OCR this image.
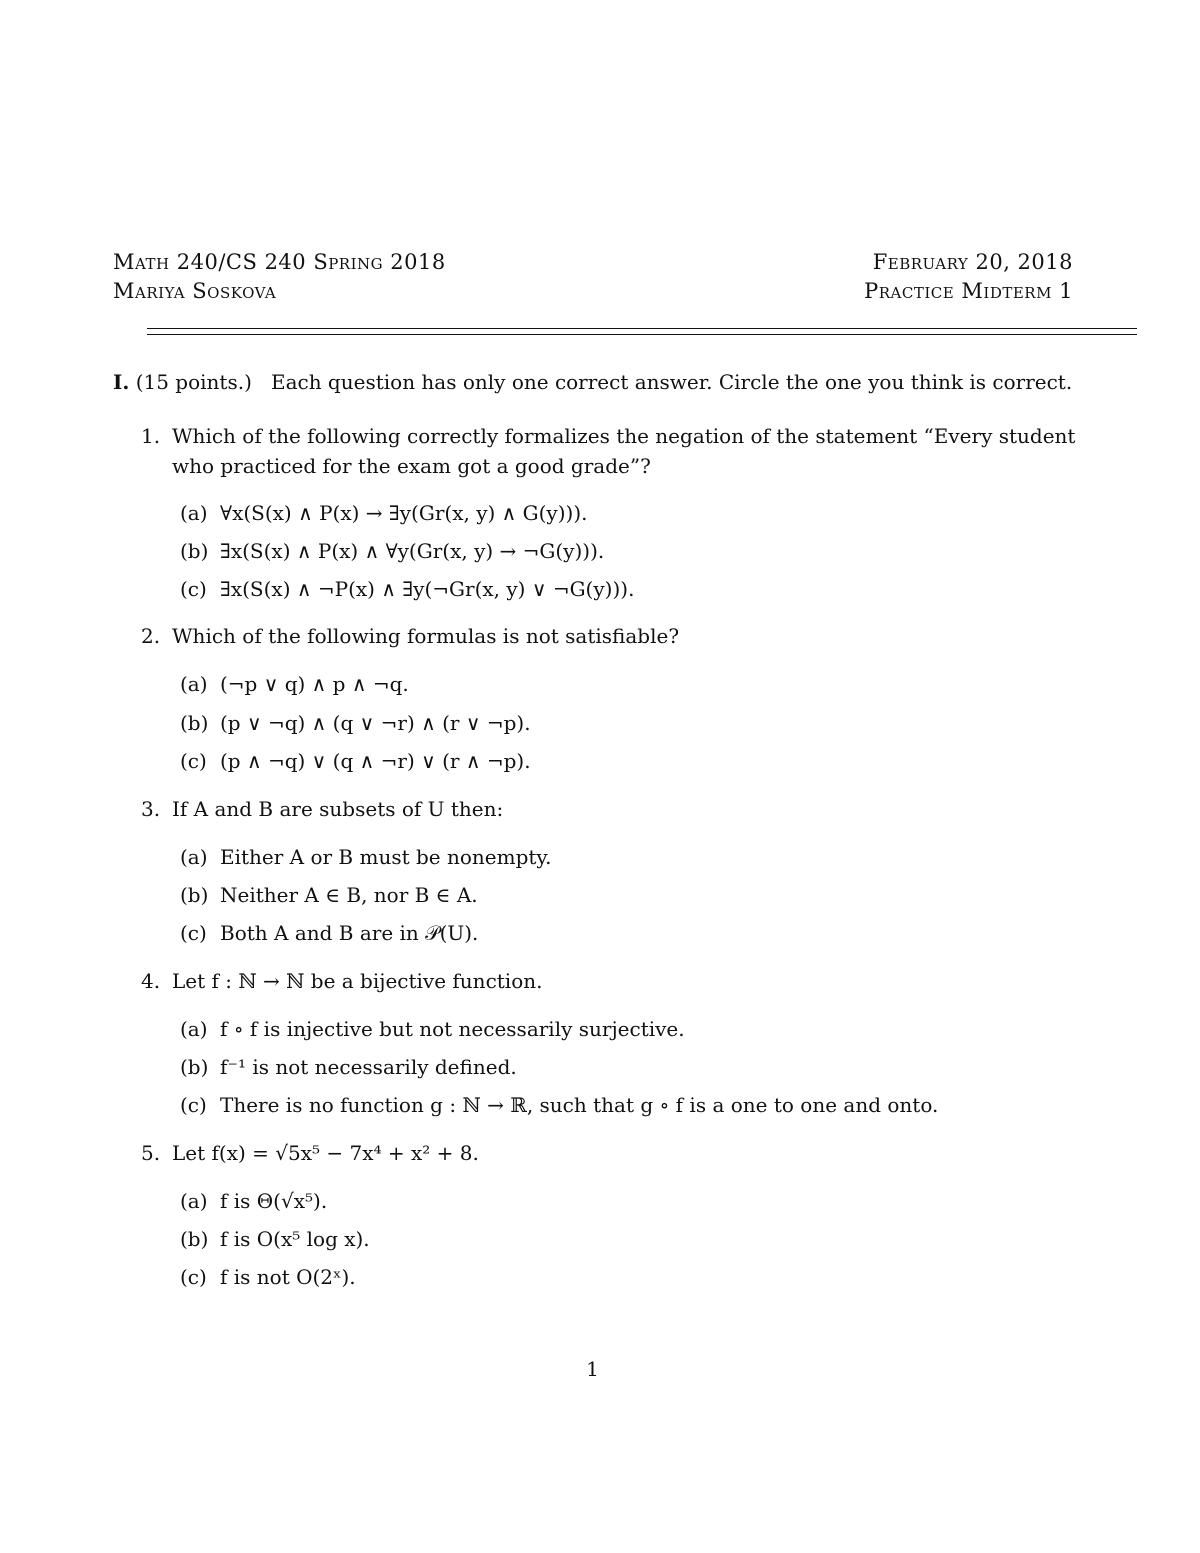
Math 240/CS 240 Spring 2018
Mariya Soskova
February 20, 2018
Practice Midterm 1
I. (15 points.) Each question has only one correct answer. Circle the one you think is correct.
1. Which of the following correctly formalizes the negation of the statement “Every student
who practiced for the exam got a good grade”?
(a) ∀x(S(x) ∧ P(x) → ∃y(Gr(x, y) ∧ G(y))).
(b) ∃x(S(x) ∧ P(x) ∧ ∀y(Gr(x, y) → ¬G(y))).
(c) ∃x(S(x) ∧ ¬P(x) ∧ ∃y(¬Gr(x, y) ∨ ¬G(y))).
2. Which of the following formulas is not satisfiable?
(a) (¬p ∨ q) ∧ p ∧ ¬q.
(b) (p ∨ ¬q) ∧ (q ∨ ¬r) ∧ (r ∨ ¬p).
(c) (p ∧ ¬q) ∨ (q ∧ ¬r) ∨ (r ∧ ¬p).
3. If A and B are subsets of U then:
(a) Either A or B must be nonempty.
(b) Neither A ∈ B, nor B ∈ A.
(c) Both A and B are in 𝒫(U).
4. Let f : ℕ → ℕ be a bijective function.
(a) f ∘ f is injective but not necessarily surjective.
(b) f⁻¹ is not necessarily defined.
(c) There is no function g : ℕ → ℝ, such that g ∘ f is a one to one and onto.
5. Let f(x) = √5x⁵ − 7x⁴ + x² + 8.
(a) f is Θ(√x⁵).
(b) f is O(x⁵ log x).
(c) f is not O(2ˣ).
1
